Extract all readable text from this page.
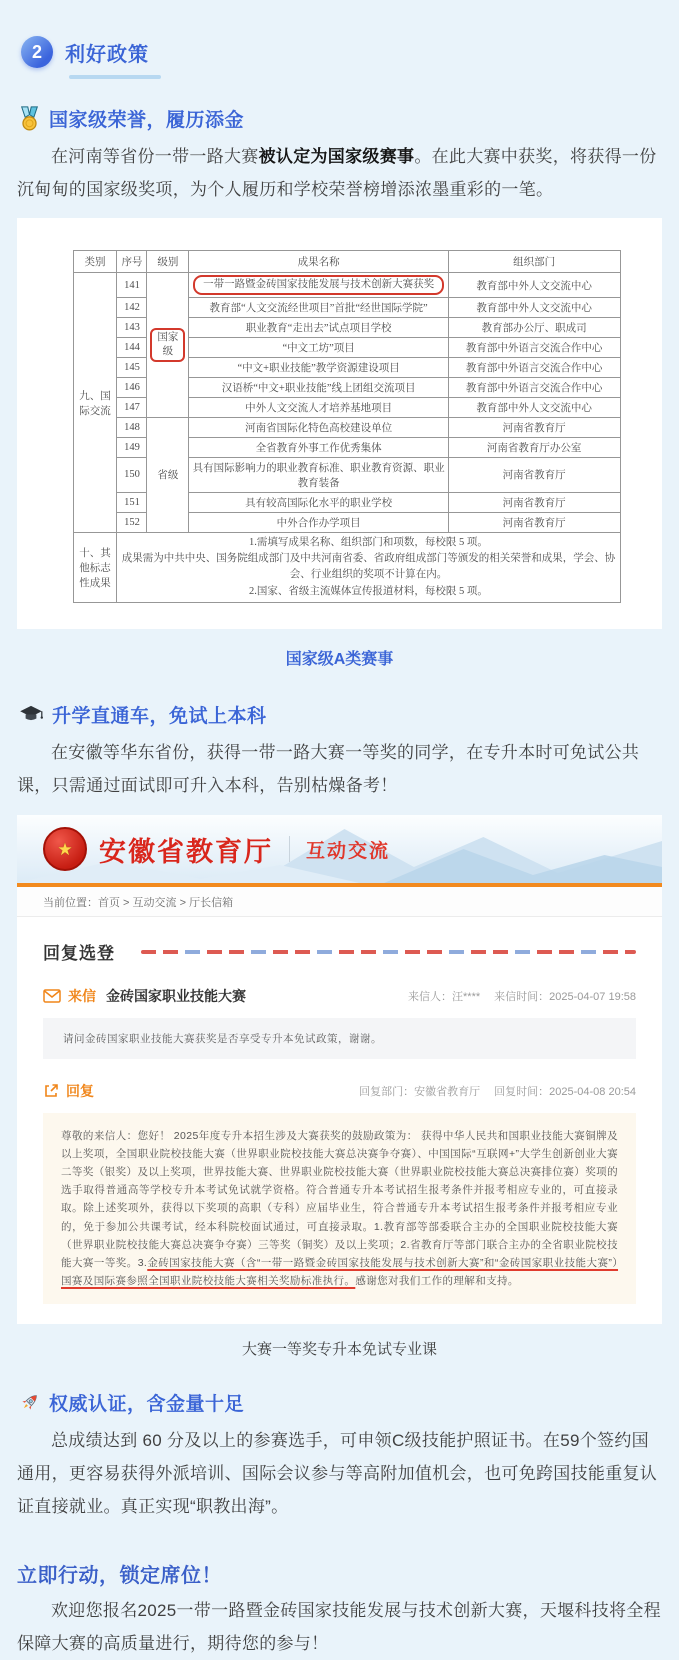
2	利好政策
国家级荣誉，履历添金

在河南等省份一带一路大赛被认定为国家级赛事。在此大赛中获奖，将获得一份沉甸甸的国家级奖项，为个人履历和学校荣誉榜增添浓墨重彩的一笔。

类别	序号	级别	成果名称	组织部门
九、国际交流	141	国家级	一带一路暨金砖国家技能发展与技术创新大赛获奖	教育部中外人文交流中心
	142		教育部“人文交流经世项目”首批“经世国际学院”	教育部中外人文交流中心
	143		职业教育“走出去”试点项目学校	教育部办公厅、职成司
	144		“中文工坊”项目	教育部中外语言交流合作中心
	145		“中文+职业技能”教学资源建设项目	教育部中外语言交流合作中心
	146		汉语桥“中文+职业技能”线上团组交流项目	教育部中外语言交流合作中心
	147		中外人文交流人才培养基地项目	教育部中外人文交流中心
	148	省级	河南省国际化特色高校建设单位	河南省教育厅
	149		全省教育外事工作优秀集体	河南省教育厅办公室
	150		具有国际影响力的职业教育标准、职业教育资源、职业教育装备	河南省教育厅
	151		具有较高国际化水平的职业学校	河南省教育厅
	152		中外合作办学项目	河南省教育厅
十、其他标志性成果	1.需填写成果名称、组织部门和项数，每校限 5 项。
成果需为中共中央、国务院组成部门及中共河南省委、省政府组成部门等颁发的相关荣誉和成果，学会、协会、行业组织的奖项不计算在内。
2.国家、省级主流媒体宣传报道材料，每校限 5 项。			
国家级A类赛事
升学直通车，免试上本科

在安徽等华东省份，获得一带一路大赛一等奖的同学，在专升本时可免试公共课，只需通过面试即可升入本科，告别枯燥备考！

★ 安徽省教育厅 互动交流
当前位置：首页 > 互动交流 > 厅长信箱
回复选登
来信 金砖国家职业技能大赛	来信人：汪**** 来信时间：2025-04-07 19:58
请问金砖国家职业技能大赛获奖是否享受专升本免试政策，谢谢。
回复	回复部门：安徽省教育厅 回复时间：2025-04-08 20:54
尊敬的来信人：您好！ 2025年度专升本招生涉及大赛获奖的鼓励政策为： 获得中华人民共和国职业技能大赛铜牌及以上奖项，全国职业院校技能大赛（世界职业院校技能大赛总决赛争夺赛）、中国国际“互联网+”大学生创新创业大赛二等奖（银奖）及以上奖项，世界技能大赛、世界职业院校技能大赛（世界职业院校技能大赛总决赛排位赛）奖项的选手取得普通高等学校专升本考试免试就学资格。符合普通专升本考试招生报考条件并报考相应专业的，可直接录取。除上述奖项外，获得以下奖项的高职（专科）应届毕业生，符合普通专升本考试招生报考条件并报考相应专业的，免于参加公共课考试，经本科院校面试通过，可直接录取。1.教育部等部委联合主办的全国职业院校技能大赛（世界职业院校技能大赛总决赛争夺赛）三等奖（铜奖）及以上奖项；2.省教育厅等部门联合主办的全省职业院校技能大赛一等奖。3.金砖国家技能大赛（含“一带一路暨金砖国家技能发展与技术创新大赛”和“金砖国家职业技能大赛”）国赛及国际赛参照全国职业院校技能大赛相关奖励标准执行。感谢您对我们工作的理解和支持。
大赛一等奖专升本免试专业课
权威认证，含金量十足

总成绩达到 60 分及以上的参赛选手，可申领C级技能护照证书。在59个签约国通用，更容易获得外派培训、国际会议参与等高附加值机会，也可免跨国技能重复认证直接就业。真正实现“职教出海”。

立即行动，锁定席位！

欢迎您报名2025一带一路暨金砖国家技能发展与技术创新大赛，天堰科技将全程保障大赛的高质量进行，期待您的参与！
